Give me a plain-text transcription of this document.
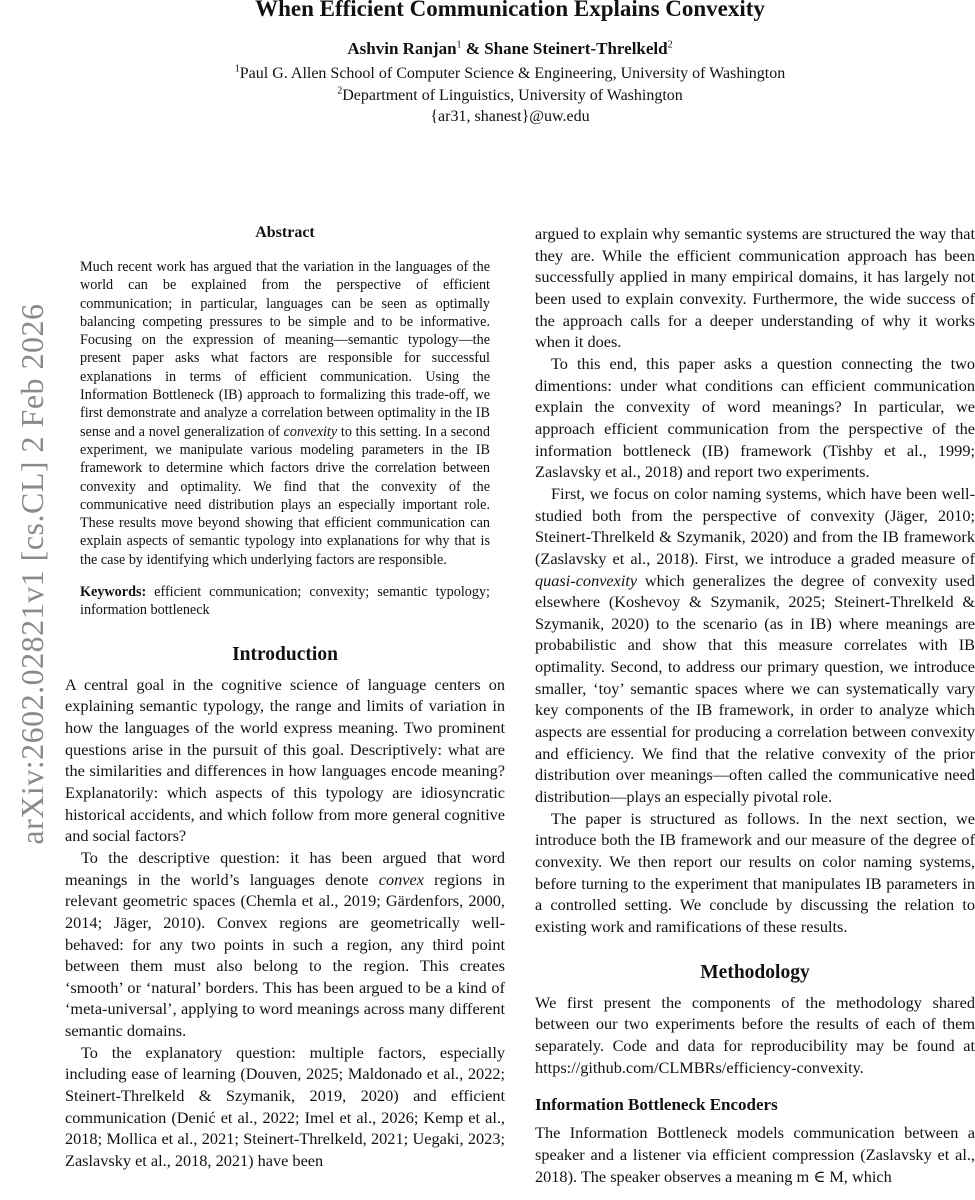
When Efficient Communication Explains Convexity
Ashvin Ranjan$^1$ & Shane Steinert-Threlkeld$^2$
$^1$Paul G. Allen School of Computer Science & Engineering, University of Washington
$^2$Department of Linguistics, University of Washington
{ar31, shanest}@uw.edu
arXiv:2602.02821v1 [cs.CL] 2 Feb 2026
Abstract
Much recent work has argued that the variation in the languages of the world can be explained from the perspective of efficient communication; in particular, languages can be seen as optimally balancing competing pressures to be simple and to be informative. Focusing on the expression of meaning—semantic typology—the present paper asks what factors are responsible for successful explanations in terms of efficient communication. Using the Information Bottleneck (IB) approach to formalizing this trade-off, we first demonstrate and analyze a correlation between optimality in the IB sense and a novel generalization of convexity to this setting. In a second experiment, we manipulate various modeling parameters in the IB framework to determine which factors drive the correlation between convexity and optimality. We find that the convexity of the communicative need distribution plays an especially important role. These results move beyond showing that efficient communication can explain aspects of semantic typology into explanations for why that is the case by identifying which underlying factors are responsible.
Keywords: efficient communication; convexity; semantic typology; information bottleneck
Introduction

A central goal in the cognitive science of language centers on explaining semantic typology, the range and limits of variation in how the languages of the world express meaning. Two prominent questions arise in the pursuit of this goal. Descriptively: what are the similarities and differences in how languages encode meaning? Explanatorily: which aspects of this typology are idiosyncratic historical accidents, and which follow from more general cognitive and social factors?

To the descriptive question: it has been argued that word meanings in the world’s languages denote convex regions in relevant geometric spaces (Chemla et al., 2019; Gärdenfors, 2000, 2014; Jäger, 2010). Convex regions are geometrically well-behaved: for any two points in such a region, any third point between them must also belong to the region. This creates ‘smooth’ or ‘natural’ borders. This has been argued to be a kind of ‘meta-universal’, applying to word meanings across many different semantic domains.

To the explanatory question: multiple factors, especially including ease of learning (Douven, 2025; Maldonado et al., 2022; Steinert-Threlkeld & Szymanik, 2019, 2020) and efficient communication (Denić et al., 2022; Imel et al., 2026; Kemp et al., 2018; Mollica et al., 2021; Steinert-Threlkeld, 2021; Uegaki, 2023; Zaslavsky et al., 2018, 2021) have been

argued to explain why semantic systems are structured the way that they are. While the efficient communication approach has been successfully applied in many empirical domains, it has largely not been used to explain convexity. Furthermore, the wide success of the approach calls for a deeper understanding of why it works when it does.

To this end, this paper asks a question connecting the two dimentions: under what conditions can efficient communication explain the convexity of word meanings? In particular, we approach efficient communication from the perspective of the information bottleneck (IB) framework (Tishby et al., 1999; Zaslavsky et al., 2018) and report two experiments.

First, we focus on color naming systems, which have been well-studied both from the perspective of convexity (Jäger, 2010; Steinert-Threlkeld & Szymanik, 2020) and from the IB framework (Zaslavsky et al., 2018). First, we introduce a graded measure of quasi-convexity which generalizes the degree of convexity used elsewhere (Koshevoy & Szymanik, 2025; Steinert-Threlkeld & Szymanik, 2020) to the scenario (as in IB) where meanings are probabilistic and show that this measure correlates with IB optimality. Second, to address our primary question, we introduce smaller, ‘toy’ semantic spaces where we can systematically vary key components of the IB framework, in order to analyze which aspects are essential for producing a correlation between convexity and efficiency. We find that the relative convexity of the prior distribution over meanings—often called the communicative need distribution—plays an especially pivotal role.

The paper is structured as follows. In the next section, we introduce both the IB framework and our measure of the degree of convexity. We then report our results on color naming systems, before turning to the experiment that manipulates IB parameters in a controlled setting. We conclude by discussing the relation to existing work and ramifications of these results.

Methodology

We first present the components of the methodology shared between our two experiments before the results of each of them separately. Code and data for reproducibility may be found at https://github.com/CLMBRs/efficiency-convexity.

Information Bottleneck Encoders

The Information Bottleneck models communication between a speaker and a listener via efficient compression (Zaslavsky et al., 2018). The speaker observes a meaning m ∈ M, which
